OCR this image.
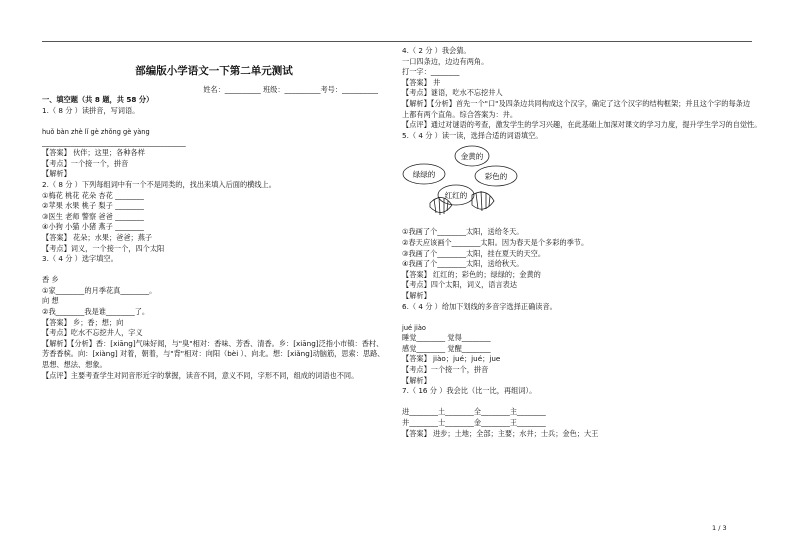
部编版小学语文一下第二单元测试
姓名：__________ 班级：__________考号：__________
一、填空题（共 8 题，共 58 分）
1.（ 8 分 ）读拼音，写词语。
huǒ bàn zhè lǐ gè zhǒng gè yàng
________________________________________
【答案】 伙伴；这里；各种各样
【考点】一个接一个，拼音
【解析】
2.（ 8 分 ）下列每组词中有一个不是同类的，找出来填入后面的横线上。
①梅花 桃花 花朵 杏花 ________
②苹果 水果 桃子 梨子 ________
③医生 老师 警察 爸爸 ________
④小狗 小猫 小猪 燕子 ________
【答案】 花朵；水果；爸爸；燕子
【考点】词义，一个接一个，四个太阳
3.（ 4 分 ）选字填空。
香 乡
①家________的月季花真________。
向 想
②我________我是谁________了。
【答案】 乡；香；想；向
【考点】吃水不忘挖井人，字义
【解析】【分析】香：[xiāng]气味好闻，与"臭"相对：香味、芳香、清香。乡：[xiāng]泛指小市镇：香村、芳香香槟。向：[xiàng] 对着，朝着，与"背"相对：向阳（bèi ）、向北。想：[xiǎng]动脑筋，思索：思路、思想、想法、想象。
【点评】主要考查学生对同音形近字的掌握，读音不同，意义不同，字形不同，组成的词语也不同。
4.（ 2 分 ）我会猜。
一口四条边，边边有两角。
打一字：________
【答案】 井
【考点】谜语，吃水不忘挖井人
【解析】【分析】首先一个"口"及四条边共同构成这个汉字，确定了这个汉字的结构框架；并且这个字的每条边上都有两个直角。综合答案为：井。
【点评】通过对谜语的考查，激发学生的学习兴趣，在此基础上加深对课文的学习力度，提升学生学习的自觉性。
5.（ 4 分 ）读一读，选择合适的词语填空。
金黄的
绿绿的	彩色的
红红的
①我画了个________太阳，送给冬天。
②春天应该画个________太阳。因为春天是个多彩的季节。
③我画了个________太阳，挂在夏天的天空。
④我画了个________太阳，送给秋天。
【答案】 红红的；彩色的；绿绿的；金黄的
【考点】四个太阳，词义，语言表达
【解析】
6.（ 4 分 ）给加下划线的多音字选择正确读音。
jué jiào
睡觉________ 觉得________
感觉________ 觉醒________
【答案】 jiào；jué；jué；jue
【考点】一个接一个，拼音
【解析】
7.（ 16 分 ）我会比（比一比，再组词）。
进________土________全________主________
井________士________金________王________
【答案】 进步；土地；全部；主要；水井；士兵；金色；大王
1 / 3
